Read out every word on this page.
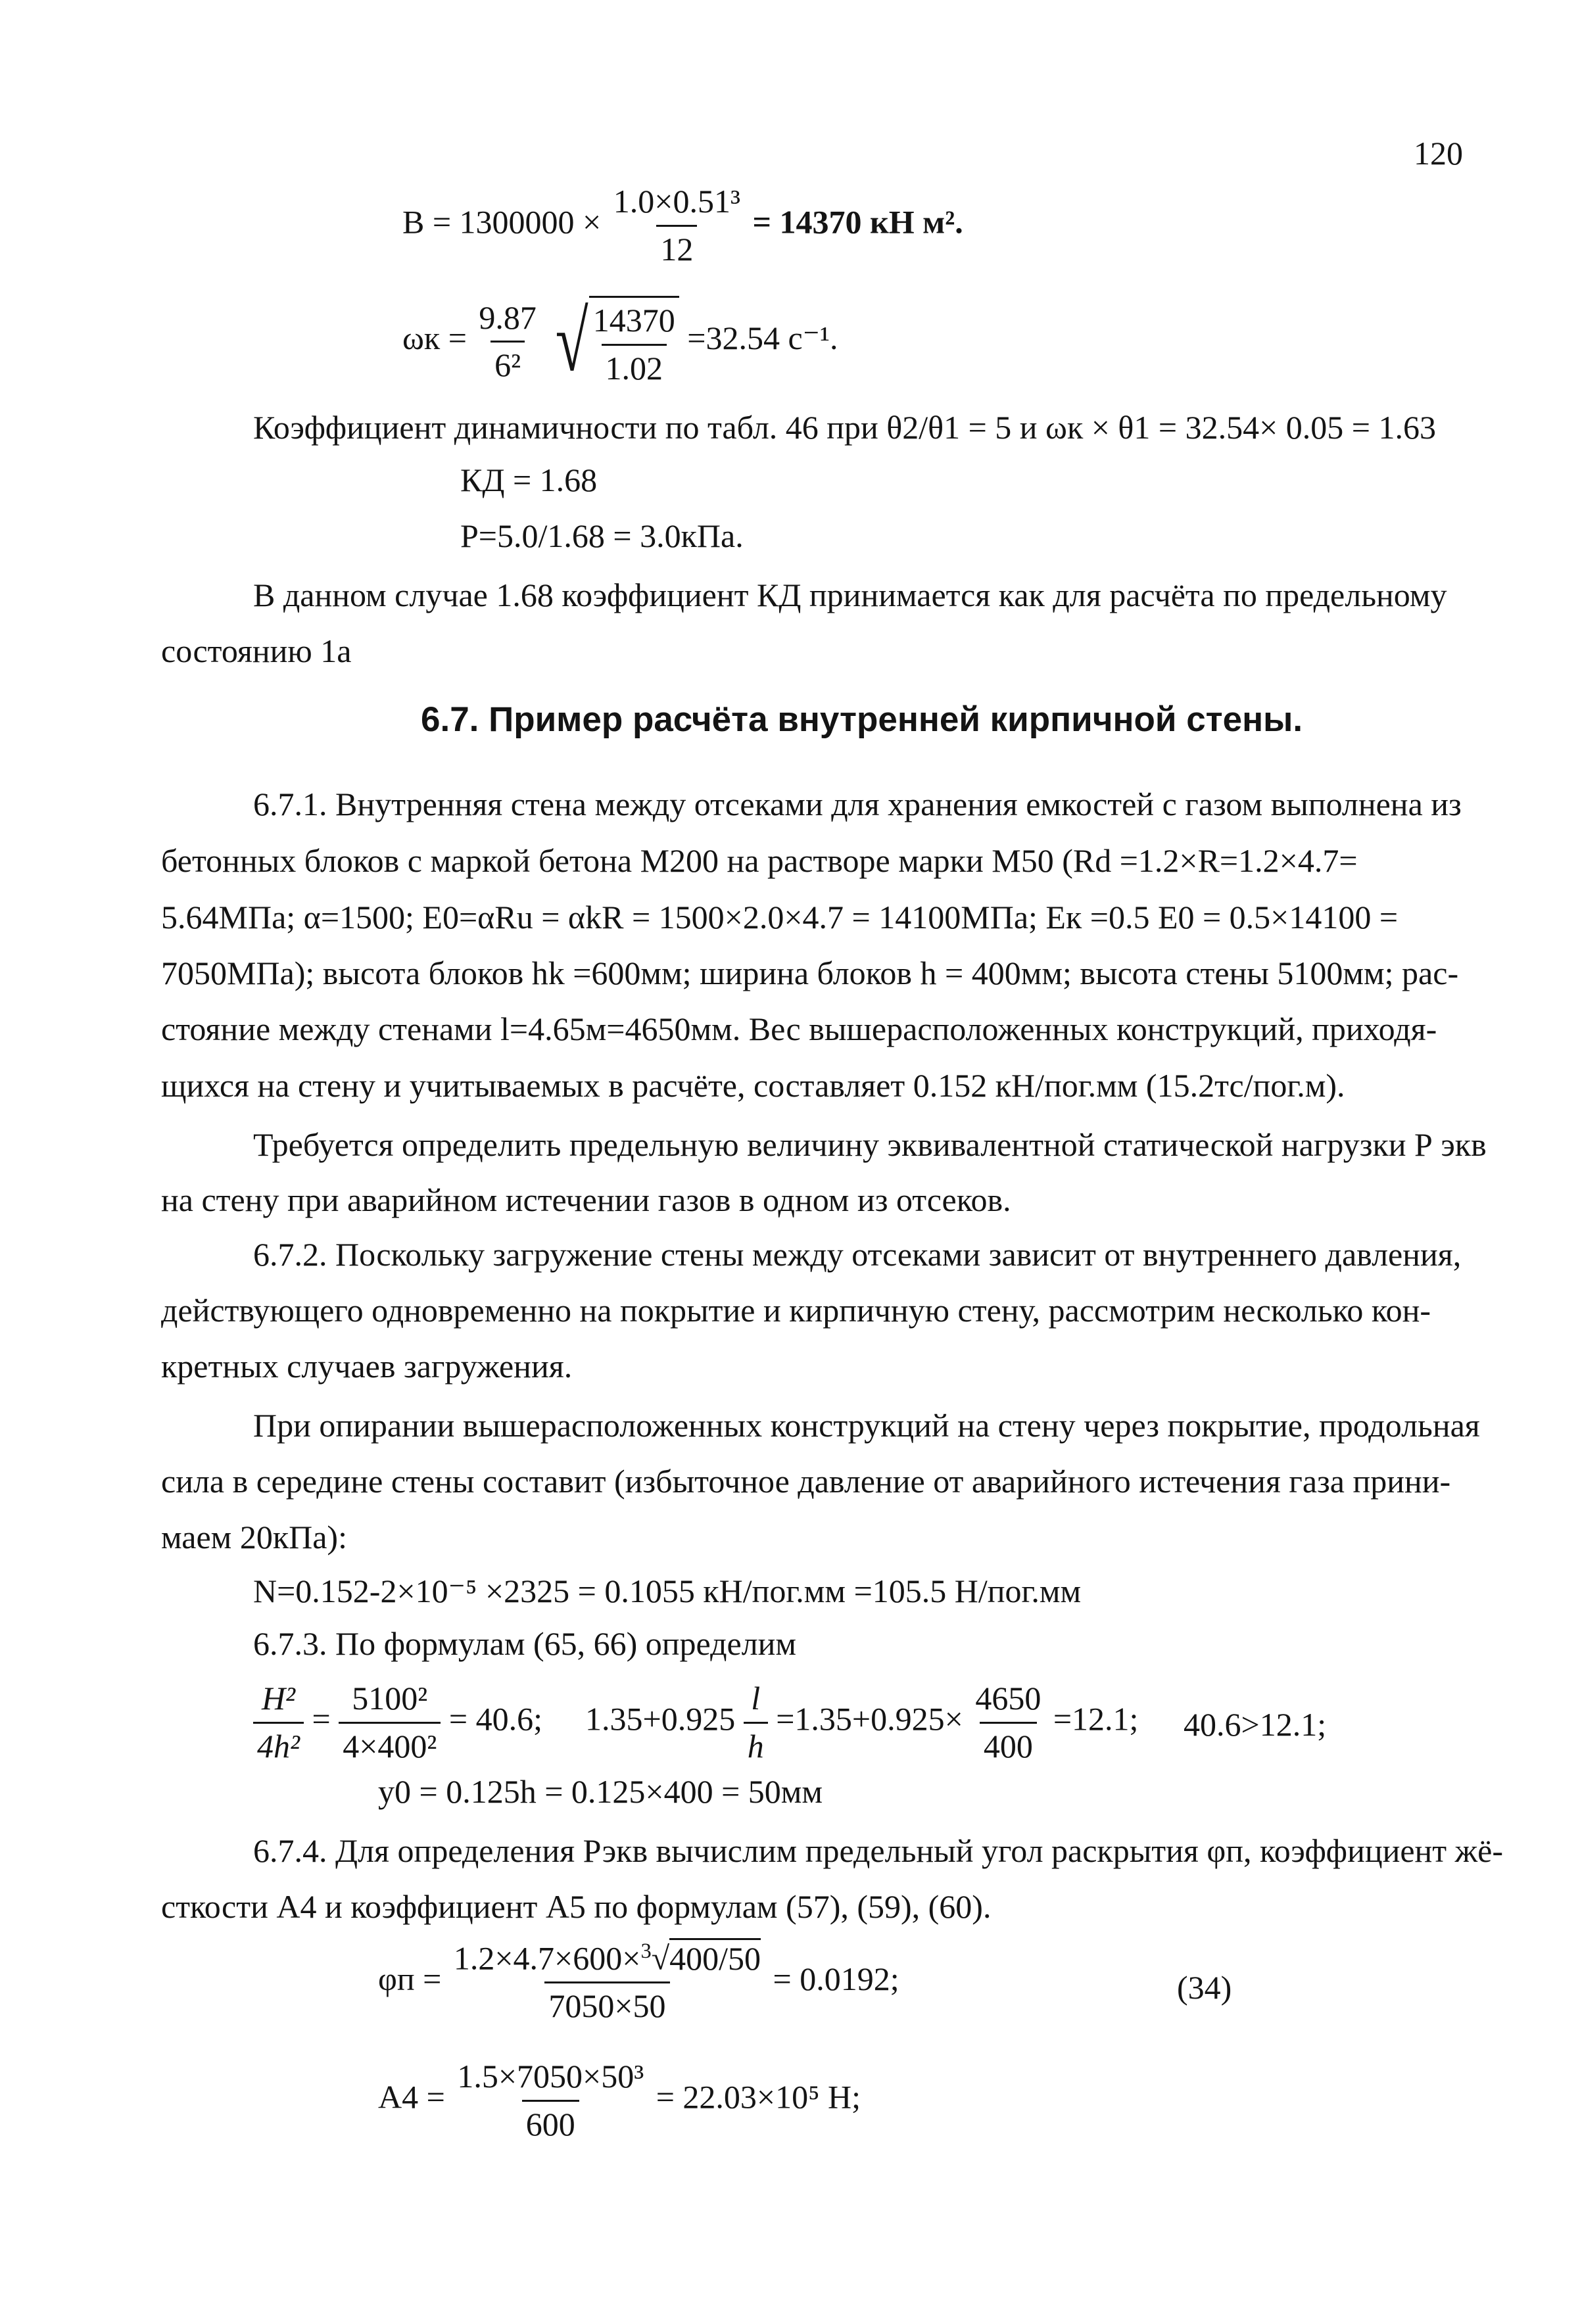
120
$B = 1300000 \times \frac{\text{1.0×0.51³}}{12} = 14370$ кН м².
$\omega к = \frac{9.87}{\text{6²}}$
√ $\frac{14370}{1.02} =32.54$ с⁻¹.
Коэффициент динамичности по табл. 46 при θ2/θ1 = 5 и ωк × θ1 = 32.54× 0.05 = 1.63
КД = 1.68
Р=5.0/1.68 = 3.0кПа.
В данном случае 1.68 коэффициент КД принимается как для расчёта по предельному
состоянию 1а
6.7. Пример расчёта внутренней кирпичной стены.
6.7.1. Внутренняя стена между отсеками для хранения емкостей с газом выполнена из
бетонных блоков с маркой бетона М200 на растворе марки М50 (Rd =1.2×R=1.2×4.7=
5.64МПа; α=1500; E0=αRu = αkR = 1500×2.0×4.7 = 14100МПа; Eк =0.5 E0 = 0.5×14100 =
7050МПа); высота блоков hk =600мм; ширина блоков h = 400мм; высота стены 5100мм; рас-
стояние между стенами l=4.65м=4650мм. Вес вышерасположенных конструкций, приходя-
щихся на стену и учитываемых в расчёте, составляет 0.152 кН/пог.мм (15.2тс/пог.м).
Требуется определить предельную величину эквивалентной статической нагрузки Р экв
на стену при аварийном истечении газов в одном из отсеков.
6.7.2. Поскольку загружение стены между отсеками зависит от внутреннего давления,
действующего одновременно на покрытие и кирпичную стену, рассмотрим несколько кон-
кретных случаев загружения.
При опирании вышерасположенных конструкций на стену через покрытие, продольная
сила в середине стены составит (избыточное давление от аварийного истечения газа прини-
маем 20кПа):
N=0.152-2×10⁻⁵ ×2325 = 0.1055 кН/пог.мм =105.5 Н/пог.мм
6.7.3. По формулам (65, 66) определим
$\frac{\text{H²}}{\text{4h²}} = \frac{\text{5100²}}{\text{4×400²}} = 40.6$; $1.35+0.925 \frac{l}{h} =1.35+0.925\times \frac{4650}{400} =12.1$; 40.6>12.1;
y0 = 0.125h = 0.125×400 = 50мм
6.7.4. Для определения Рэкв вычислим предельный угол раскрытия φп, коэффициент жё-
сткости А4 и коэффициент А5 по формулам (57), (59), (60).
$\varphi п = \frac{1.2\times 4.7\times 600\times^3√400/50}{7050\times 50} = 0.0192$;	(34)
$А4 = \frac{\text{1.5×7050×50³}}{600} = 22.03\times 10^5$ Н;
